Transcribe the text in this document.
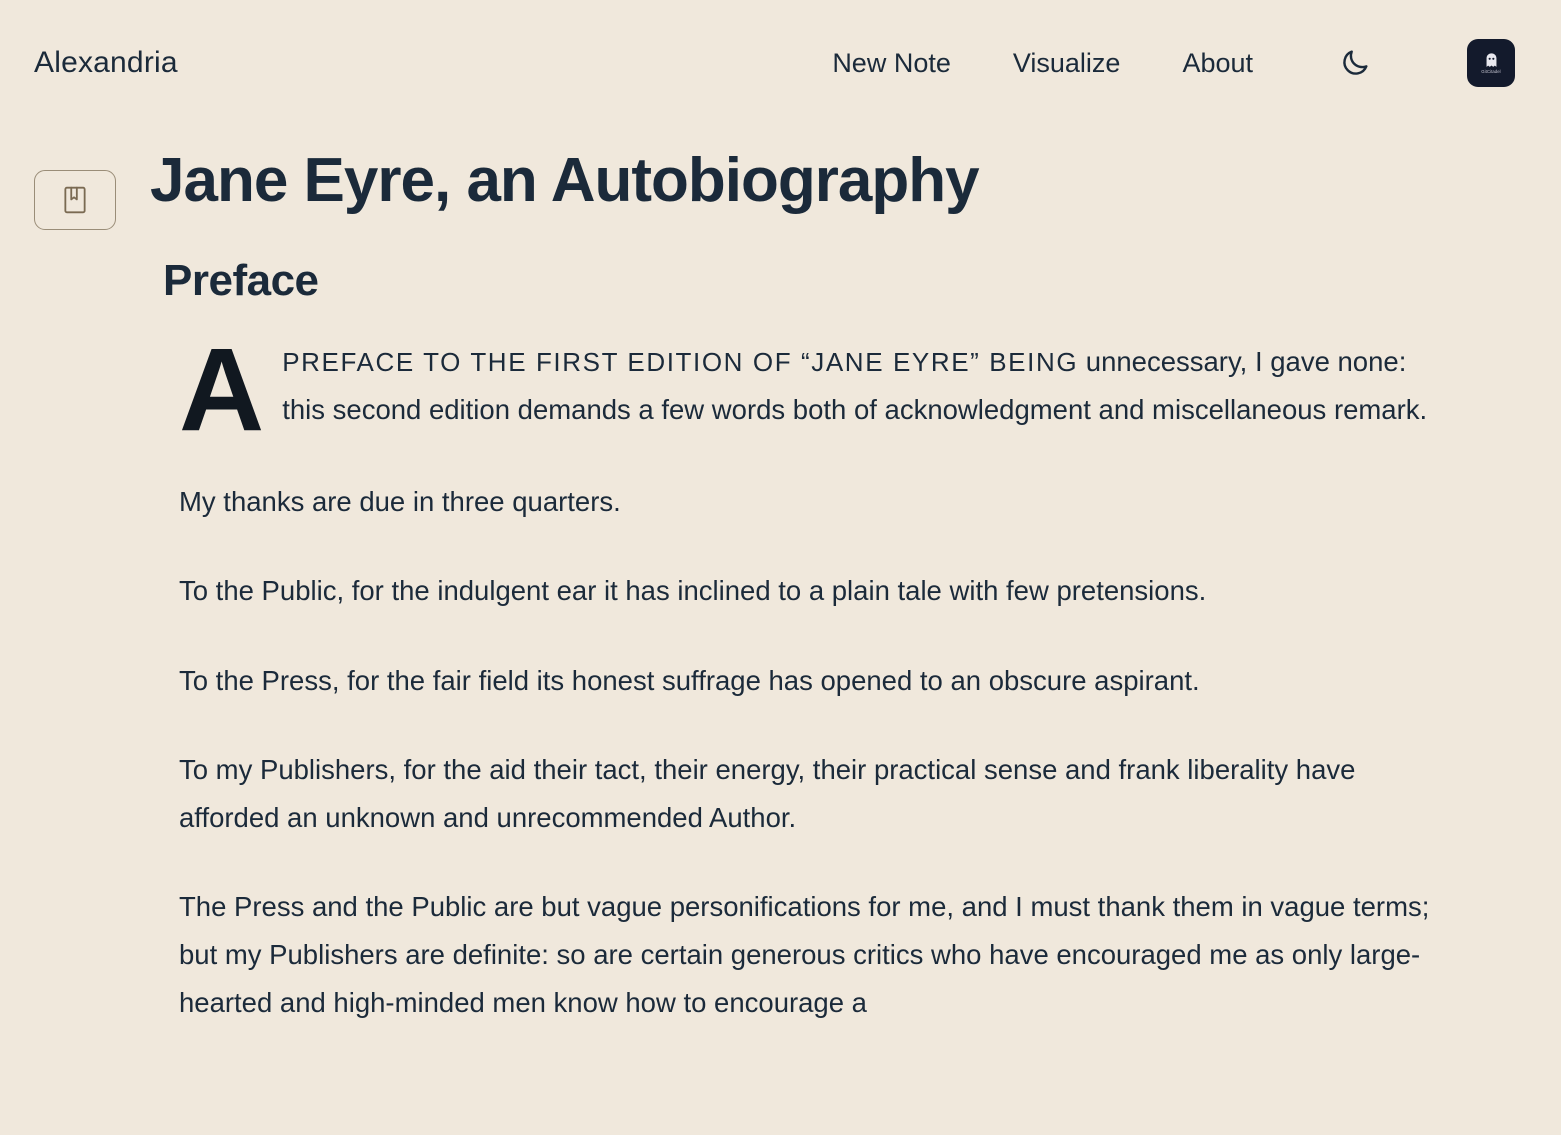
Alexandria	New Note Visualize About	GitCitadel
Jane Eyre, an Autobiography
Preface
A PREFACE TO THE FIRST EDITION OF “JANE EYRE” BEING unnecessary, I gave none: this second edition demands a few words both of acknowledgment and miscellaneous remark.

My thanks are due in three quarters.

To the Public, for the indulgent ear it has inclined to a plain tale with few pretensions.

To the Press, for the fair field its honest suffrage has opened to an obscure aspirant.

To my Publishers, for the aid their tact, their energy, their practical sense and frank liberality have afforded an unknown and unrecommended Author.

The Press and the Public are but vague personifications for me, and I must thank them in vague terms; but my Publishers are definite: so are certain generous critics who have encouraged me as only large-hearted and high-minded men know how to encourage a
